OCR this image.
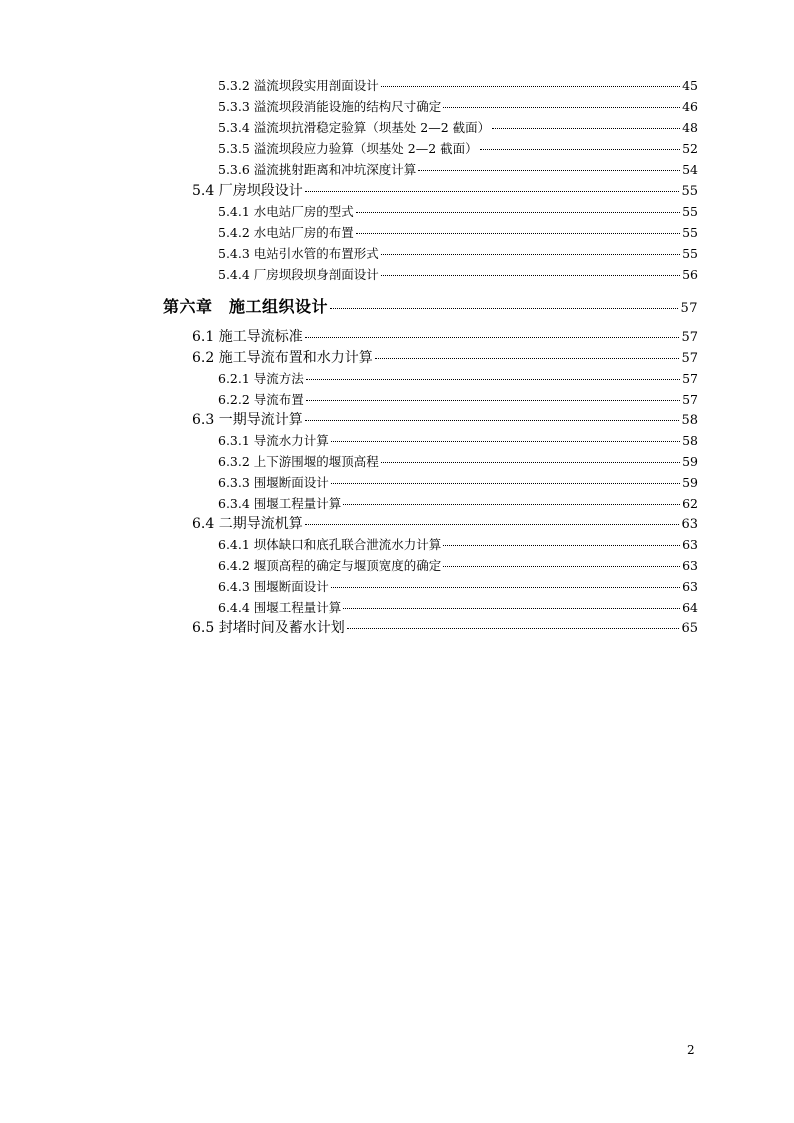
5.3.2 溢流坝段实用剖面设计	45
5.3.3 溢流坝段消能设施的结构尺寸确定	46
5.3.4 溢流坝抗滑稳定验算（坝基处 2—2 截面）	48
5.3.5 溢流坝段应力验算（坝基处 2—2 截面）	52
5.3.6 溢流挑射距离和冲坑深度计算	54
5.4 厂房坝段设计	55
5.4.1 水电站厂房的型式	55
5.4.2 水电站厂房的布置	55
5.4.3 电站引水管的布置形式	55
5.4.4 厂房坝段坝身剖面设计	56
第六章　施工组织设计	57
6.1 施工导流标准	57
6.2 施工导流布置和水力计算	57
6.2.1 导流方法	57
6.2.2 导流布置	57
6.3 一期导流计算	58
6.3.1 导流水力计算	58
6.3.2 上下游围堰的堰顶高程	59
6.3.3 围堰断面设计	59
6.3.4 围堰工程量计算	62
6.4 二期导流机算	63
6.4.1 坝体缺口和底孔联合泄流水力计算	63
6.4.2 堰顶高程的确定与堰顶宽度的确定	63
6.4.3 围堰断面设计	63
6.4.4 围堰工程量计算	64
6.5 封堵时间及蓄水计划	65
2
